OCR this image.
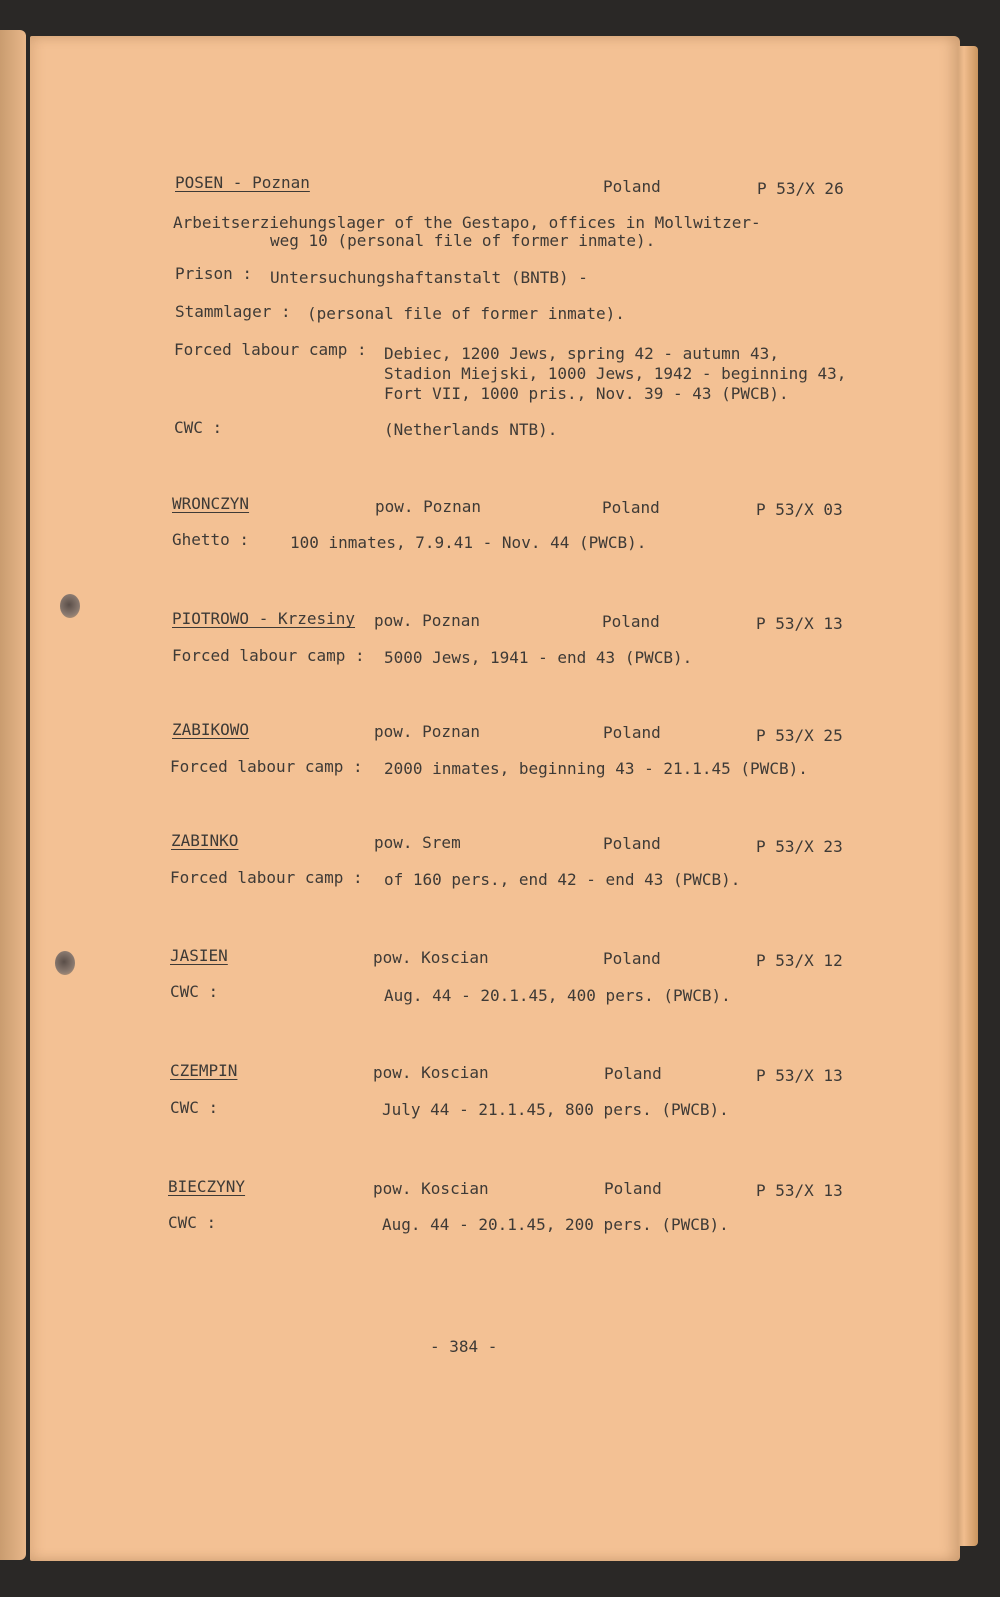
POSEN - Poznan	Poland	P 53/X 26
Arbeitserziehungslager of the Gestapo, offices in Mollwitzer-
weg 10 (personal file of former inmate).
Prison : Untersuchungshaftanstalt (BNTB) -
Stammlager : (personal file of former inmate).
Forced labour camp : Debiec, 1200 Jews, spring 42 - autumn 43,
Stadion Miejski, 1000 Jews, 1942 - beginning 43,
Fort VII, 1000 pris., Nov. 39 - 43 (PWCB).
CWC :	(Netherlands NTB).
WRONCZYN	pow. Poznan	Poland	P 53/X 03
Ghetto :	100 inmates, 7.9.41 - Nov. 44 (PWCB).
PIOTROWO - Krzesiny pow. Poznan	Poland	P 53/X 13
Forced labour camp : 5000 Jews, 1941 - end 43 (PWCB).
ZABIKOWO	pow. Poznan	Poland	P 53/X 25
Forced labour camp : 2000 inmates, beginning 43 - 21.1.45 (PWCB).
ZABINKO	pow. Srem	Poland	P 53/X 23
Forced labour camp : of 160 pers., end 42 - end 43 (PWCB).
JASIEN	pow. Koscian	Poland	P 53/X 12
CWC :	Aug. 44 - 20.1.45, 400 pers. (PWCB).
CZEMPIN	pow. Koscian	Poland	P 53/X 13
CWC :	July 44 - 21.1.45, 800 pers. (PWCB).
BIECZYNY	pow. Koscian	Poland	P 53/X 13
CWC :	Aug. 44 - 20.1.45, 200 pers. (PWCB).
- 384 -
